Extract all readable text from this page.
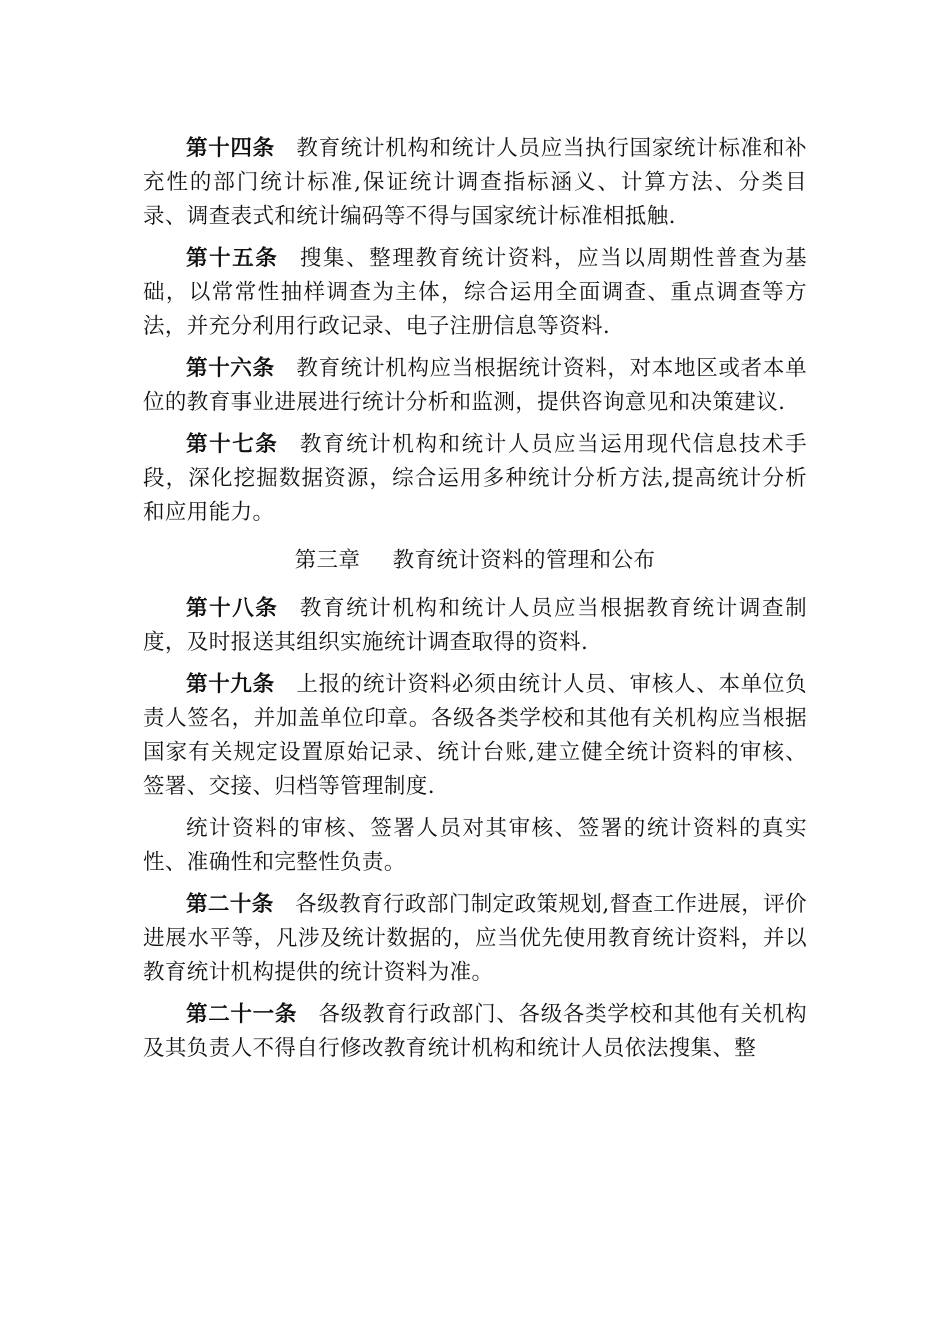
第十四条 教育统计机构和统计人员应当执行国家统计标准和补充性的部门统计标准,保证统计调查指标涵义、计算方法、分类目录、调查表式和统计编码等不得与国家统计标准相抵触.

第十五条 搜集、整理教育统计资料，应当以周期性普查为基础，以常常性抽样调查为主体，综合运用全面调查、重点调查等方法，并充分利用行政记录、电子注册信息等资料.

第十六条 教育统计机构应当根据统计资料，对本地区或者本单位的教育事业进展进行统计分析和监测，提供咨询意见和决策建议.

第十七条 教育统计机构和统计人员应当运用现代信息技术手段，深化挖掘数据资源，综合运用多种统计分析方法,提高统计分析和应用能力。

第三章 教育统计资料的管理和公布

第十八条 教育统计机构和统计人员应当根据教育统计调查制度，及时报送其组织实施统计调查取得的资料.

第十九条 上报的统计资料必须由统计人员、审核人、本单位负责人签名，并加盖单位印章。各级各类学校和其他有关机构应当根据国家有关规定设置原始记录、统计台账,建立健全统计资料的审核、签署、交接、归档等管理制度.

统计资料的审核、签署人员对其审核、签署的统计资料的真实性、准确性和完整性负责。

第二十条 各级教育行政部门制定政策规划,督查工作进展，评价进展水平等，凡涉及统计数据的，应当优先使用教育统计资料，并以教育统计机构提供的统计资料为准。

第二十一条 各级教育行政部门、各级各类学校和其他有关机构及其负责人不得自行修改教育统计机构和统计人员依法搜集、整
